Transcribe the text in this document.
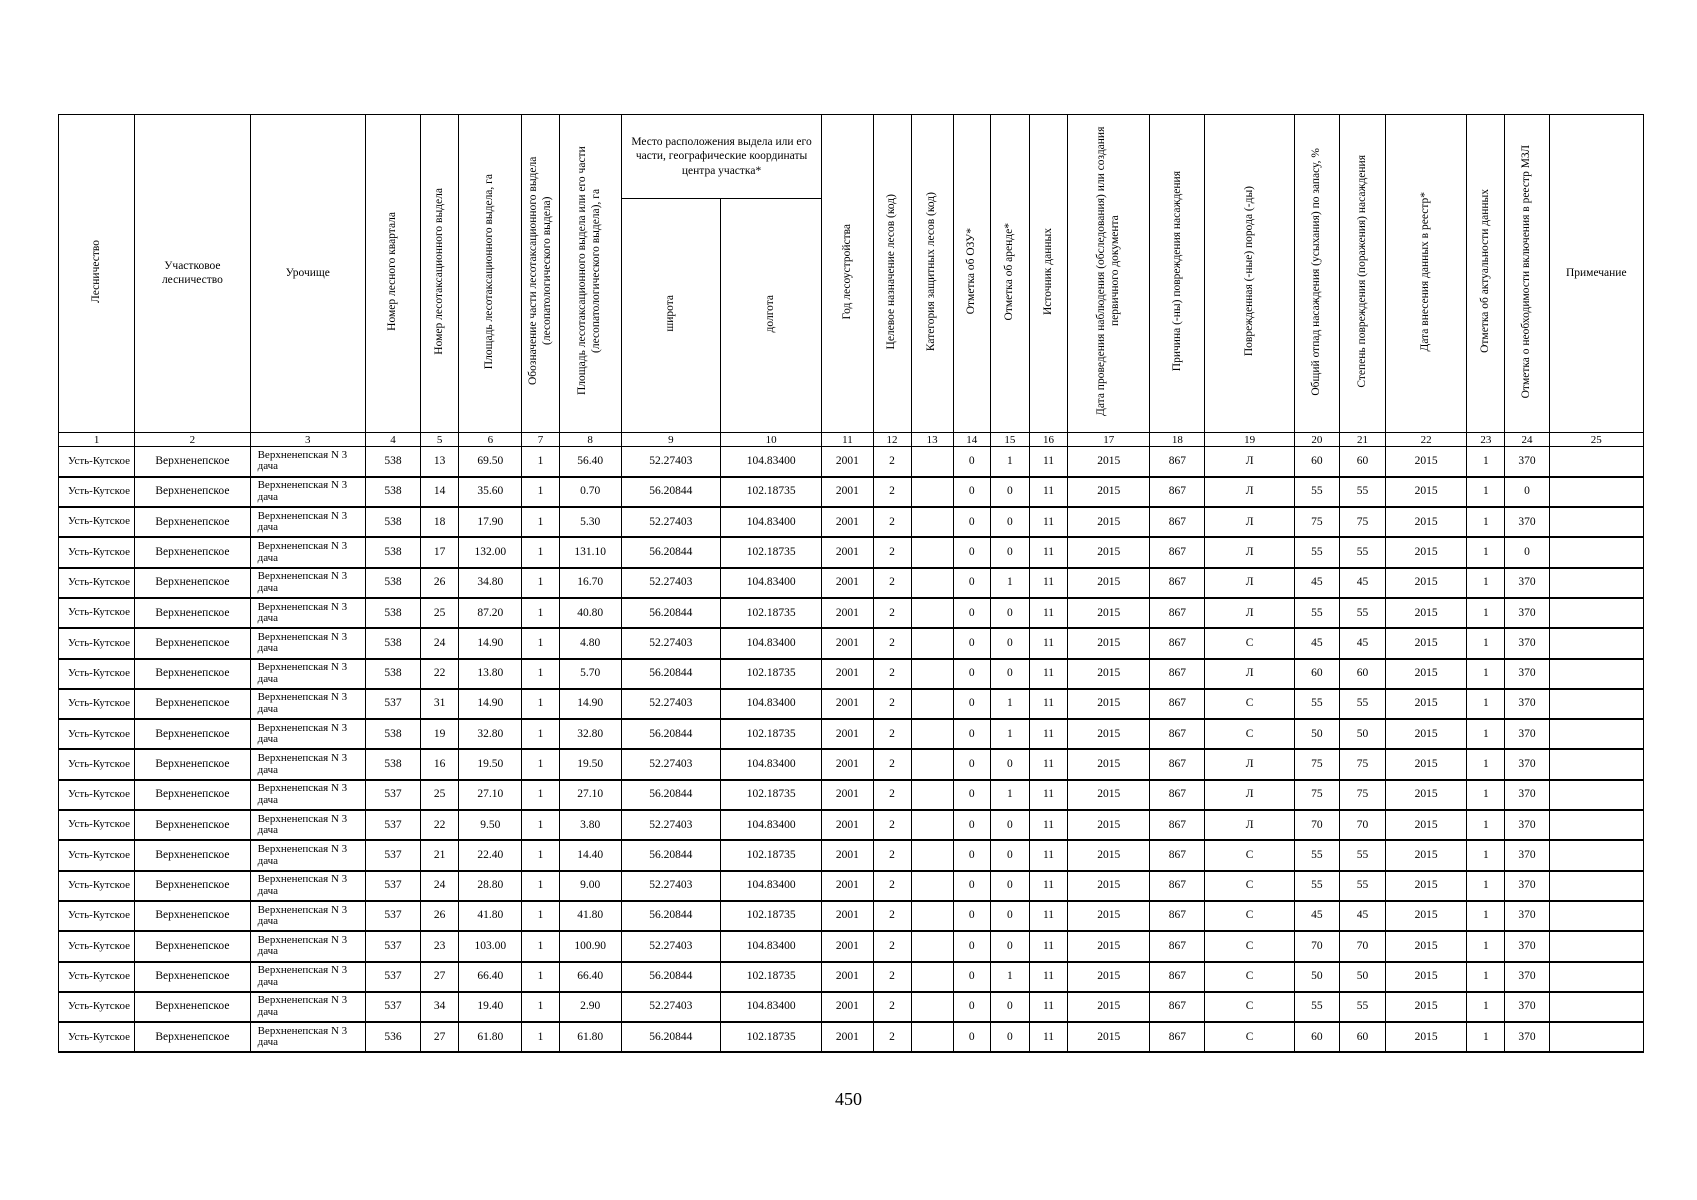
Лесничество	Участковое лесничество	Урочище	Номер лесного квартала	Номер лесотаксационного выдела	Площадь лесотаксационного выдела, га	Обозначение части лесотаксационного выдела (лесопатологического выдела)	Площадь лесотаксационного выдела или его части (лесопатологического выдела), га	Место расположения выдела или его части, географические координаты центра участка*		Год лесоустройства	Целевое назначение лесов (код)	Категория защитных лесов (код)	Отметка об ОЗУ*	Отметка об аренде*	Источник данных	Дата проведения наблюдения (обследования) или создания первичного документа	Причина (-ны) повреждения насаждения	Поврежденная (-ные) порода (-ды)	Общий отпад насаждения (усыхания) по запасу, %	Степень повреждения (поражения) насаждения	Дата внесения данных в реестр*	Отметка об актуальности данных	Отметка о необходимости включения в реестр МЗЛ	Примечание

								широта	долгота															
1	2	3	4	5	6	7	8	9	10	11	12	13	14	15	16	17	18	19	20	21	22	23	24	25
Усть-Кутское	Верхненепское	Верхненепская N 3 дача	538	13	69.50	1	56.40	52.27403	104.83400	2001	2		0	1	11	2015	867	Л	60	60	2015	1	370	
Усть-Кутское	Верхненепское	Верхненепская N 3 дача	538	14	35.60	1	0.70	56.20844	102.18735	2001	2		0	0	11	2015	867	Л	55	55	2015	1	0	
Усть-Кутское	Верхненепское	Верхненепская N 3 дача	538	18	17.90	1	5.30	52.27403	104.83400	2001	2		0	0	11	2015	867	Л	75	75	2015	1	370	
Усть-Кутское	Верхненепское	Верхненепская N 3 дача	538	17	132.00	1	131.10	56.20844	102.18735	2001	2		0	0	11	2015	867	Л	55	55	2015	1	0	
Усть-Кутское	Верхненепское	Верхненепская N 3 дача	538	26	34.80	1	16.70	52.27403	104.83400	2001	2		0	1	11	2015	867	Л	45	45	2015	1	370	
Усть-Кутское	Верхненепское	Верхненепская N 3 дача	538	25	87.20	1	40.80	56.20844	102.18735	2001	2		0	0	11	2015	867	Л	55	55	2015	1	370	
Усть-Кутское	Верхненепское	Верхненепская N 3 дача	538	24	14.90	1	4.80	52.27403	104.83400	2001	2		0	0	11	2015	867	С	45	45	2015	1	370	
Усть-Кутское	Верхненепское	Верхненепская N 3 дача	538	22	13.80	1	5.70	56.20844	102.18735	2001	2		0	0	11	2015	867	Л	60	60	2015	1	370	
Усть-Кутское	Верхненепское	Верхненепская N 3 дача	537	31	14.90	1	14.90	52.27403	104.83400	2001	2		0	1	11	2015	867	С	55	55	2015	1	370	
Усть-Кутское	Верхненепское	Верхненепская N 3 дача	538	19	32.80	1	32.80	56.20844	102.18735	2001	2		0	1	11	2015	867	С	50	50	2015	1	370	
Усть-Кутское	Верхненепское	Верхненепская N 3 дача	538	16	19.50	1	19.50	52.27403	104.83400	2001	2		0	0	11	2015	867	Л	75	75	2015	1	370	
Усть-Кутское	Верхненепское	Верхненепская N 3 дача	537	25	27.10	1	27.10	56.20844	102.18735	2001	2		0	1	11	2015	867	Л	75	75	2015	1	370	
Усть-Кутское	Верхненепское	Верхненепская N 3 дача	537	22	9.50	1	3.80	52.27403	104.83400	2001	2		0	0	11	2015	867	Л	70	70	2015	1	370	
Усть-Кутское	Верхненепское	Верхненепская N 3 дача	537	21	22.40	1	14.40	56.20844	102.18735	2001	2		0	0	11	2015	867	С	55	55	2015	1	370	
Усть-Кутское	Верхненепское	Верхненепская N 3 дача	537	24	28.80	1	9.00	52.27403	104.83400	2001	2		0	0	11	2015	867	С	55	55	2015	1	370	
Усть-Кутское	Верхненепское	Верхненепская N 3 дача	537	26	41.80	1	41.80	56.20844	102.18735	2001	2		0	0	11	2015	867	С	45	45	2015	1	370	
Усть-Кутское	Верхненепское	Верхненепская N 3 дача	537	23	103.00	1	100.90	52.27403	104.83400	2001	2		0	0	11	2015	867	С	70	70	2015	1	370	
Усть-Кутское	Верхненепское	Верхненепская N 3 дача	537	27	66.40	1	66.40	56.20844	102.18735	2001	2		0	1	11	2015	867	С	50	50	2015	1	370	
Усть-Кутское	Верхненепское	Верхненепская N 3 дача	537	34	19.40	1	2.90	52.27403	104.83400	2001	2		0	0	11	2015	867	С	55	55	2015	1	370	
Усть-Кутское	Верхненепское	Верхненепская N 3 дача	536	27	61.80	1	61.80	56.20844	102.18735	2001	2		0	0	11	2015	867	С	60	60	2015	1	370	
450
